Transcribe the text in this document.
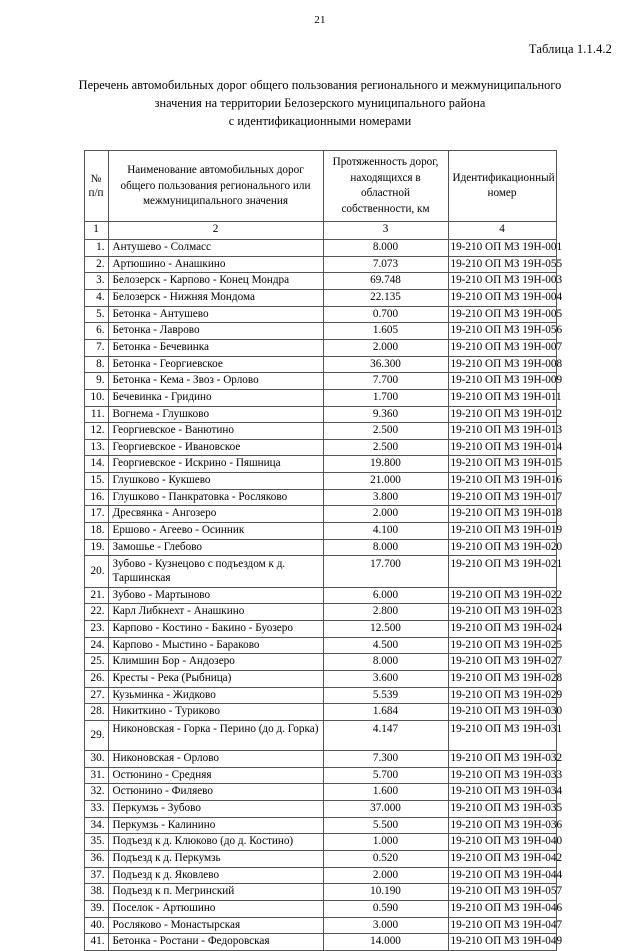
21
Таблица 1.1.4.2
Перечень автомобильных дорог общего пользования регионального и межмуниципального
значения на территории Белозерского муниципального района
с идентификационными номерами
№
п/п	Наименование автомобильных дорог общего пользования регионального или межмуниципального значения	Протяженность дорог, находящихся в областной собственности, км	Идентификационный номер
1	2	3	4
1.	Антушево - Солмасс	8.000	19-210 ОП МЗ 19Н-001
2.	Артюшино - Анашкино	7.073	19-210 ОП МЗ 19Н-055
3.	Белозерск - Карпово - Конец Мондра	69.748	19-210 ОП МЗ 19Н-003
4.	Белозерск - Нижняя Мондома	22.135	19-210 ОП МЗ 19Н-004
5.	Бетонка - Антушево	0.700	19-210 ОП МЗ 19Н-005
6.	Бетонка - Лаврово	1.605	19-210 ОП МЗ 19Н-056
7.	Бетонка - Бечевинка	2.000	19-210 ОП МЗ 19Н-007
8.	Бетонка - Георгиевское	36.300	19-210 ОП МЗ 19Н-008
9.	Бетонка - Кема - Звоз - Орлово	7.700	19-210 ОП МЗ 19Н-009
10.	Бечевинка - Гридино	1.700	19-210 ОП МЗ 19Н-011
11.	Вогнема - Глушково	9.360	19-210 ОП МЗ 19Н-012
12.	Георгиевское - Ванютино	2.500	19-210 ОП МЗ 19Н-013
13.	Георгиевское - Ивановское	2.500	19-210 ОП МЗ 19Н-014
14.	Георгиевское - Искрино - Пяшница	19.800	19-210 ОП МЗ 19Н-015
15.	Глушково - Кукшево	21.000	19-210 ОП МЗ 19Н-016
16.	Глушково - Панкратовка - Росляково	3.800	19-210 ОП МЗ 19Н-017
17.	Дресвянка - Ангозеро	2.000	19-210 ОП МЗ 19Н-018
18.	Ершово - Агеево - Осинник	4.100	19-210 ОП МЗ 19Н-019
19.	Замошье - Глебово	8.000	19-210 ОП МЗ 19Н-020
20.	Зубово - Кузнецово с подъездом к д. Таршинская	17.700	19-210 ОП МЗ 19Н-021
21.	Зубово - Мартыново	6.000	19-210 ОП МЗ 19Н-022
22.	Карл Либкнехт - Анашкино	2.800	19-210 ОП МЗ 19Н-023
23.	Карпово - Костино - Бакино - Буозеро	12.500	19-210 ОП МЗ 19Н-024
24.	Карпово - Мыстино - Бараково	4.500	19-210 ОП МЗ 19Н-025
25.	Климшин Бор - Андозеро	8.000	19-210 ОП МЗ 19Н-027
26.	Кресты - Река (Рыбница)	3.600	19-210 ОП МЗ 19Н-028
27.	Кузьминка - Жидково	5.539	19-210 ОП МЗ 19Н-029
28.	Никиткино - Туриково	1.684	19-210 ОП МЗ 19Н-030
29.	Никоновская - Горка - Перино (до д. Горка)	4.147	19-210 ОП МЗ 19Н-031
30.	Никоновская - Орлово	7.300	19-210 ОП МЗ 19Н-032
31.	Остюнино - Средняя	5.700	19-210 ОП МЗ 19Н-033
32.	Остюнино - Филяево	1.600	19-210 ОП МЗ 19Н-034
33.	Перкумзь - Зубово	37.000	19-210 ОП МЗ 19Н-035
34.	Перкумзь - Калинино	5.500	19-210 ОП МЗ 19Н-036
35.	Подъезд к д. Клюково (до д. Костино)	1.000	19-210 ОП МЗ 19Н-040
36.	Подъезд к д. Перкумзь	0.520	19-210 ОП МЗ 19Н-042
37.	Подъезд к д. Яковлево	2.000	19-210 ОП МЗ 19Н-044
38.	Подъезд к п. Мегринский	10.190	19-210 ОП МЗ 19Н-057
39.	Поселок - Артюшино	0.590	19-210 ОП МЗ 19Н-046
40.	Росляково - Монастырская	3.000	19-210 ОП МЗ 19Н-047
41.	Бетонка - Ростани - Федоровская	14.000	19-210 ОП МЗ 19Н-049
